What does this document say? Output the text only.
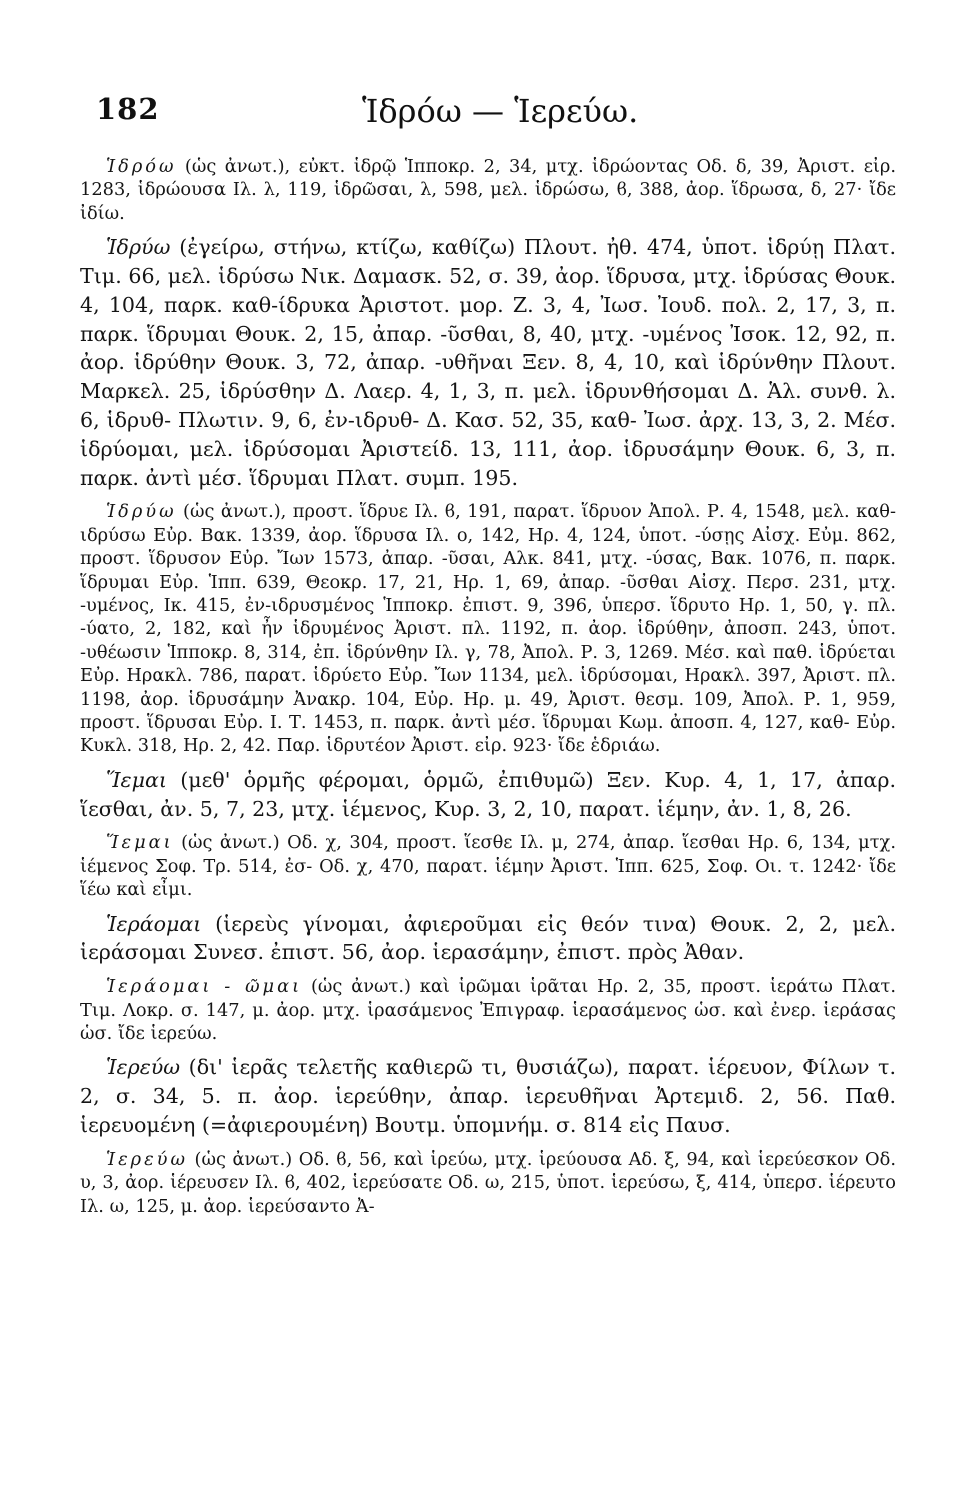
182	Ἱδρόω — Ἱερεύω.

Ἱδρόω (ὡς ἀνωτ.), εὐκτ. ἱδρῷ Ἱπποκρ. 2, 34, μτχ. ἱδρώοντας Οδ. δ, 39, Ἀριστ. εἰρ. 1283, ἱδρώουσα Ιλ. λ, 119, ἱδρῶσαι, λ, 598, μελ. ἱδρώσω, ϐ, 388, ἀορ. ἵδρωσα, δ, 27· ἴδε ἰδίω.

Ἱδρύω (ἐγείρω, στήνω, κτίζω, καθίζω) Πλουτ. ἠθ. 474, ὑποτ. ἱδρύῃ Πλατ. Τιμ. 66, μελ. ἱδρύσω Νικ. Δαμασκ. 52, σ. 39, ἀορ. ἵδρυσα, μτχ. ἱδρύσας Θουκ. 4, 104, παρκ. καθ-ίδρυκα Ἀριστοτ. μορ. Ζ. 3, 4, Ἰωσ. Ἰουδ. πολ. 2, 17, 3, π. παρκ. ἵδρυμαι Θουκ. 2, 15, ἀπαρ. -ῦσθαι, 8, 40, μτχ. -υμένος Ἰσοκ. 12, 92, π. ἀορ. ἱδρύθην Θουκ. 3, 72, ἀπαρ. -υθῆναι Ξεν. 8, 4, 10, καὶ ἱδρύνθην Πλουτ. Μαρκελ. 25, ἱδρύσθην Δ. Λαερ. 4, 1, 3, π. μελ. ἱδρυνθήσομαι Δ. Ἁλ. συνθ. λ. 6, ἱδρυθ- Πλωτιν. 9, 6, ἐν-ιδρυθ- Δ. Κασ. 52, 35, καθ- Ἰωσ. ἀρχ. 13, 3, 2. Μέσ. ἱδρύομαι, μελ. ἱδρύσομαι Ἀριστείδ. 13, 111, ἀορ. ἱδρυσάμην Θουκ. 6, 3, π. παρκ. ἀντὶ μέσ. ἵδρυμαι Πλατ. συμπ. 195.

Ἱδρύω (ὡς ἀνωτ.), προστ. ἵδρυε Ιλ. ϐ, 191, παρατ. ἵδρυον Ἀπολ. Ρ. 4, 1548, μελ. καθ-ιδρύσω Εὐρ. Βακ. 1339, ἀορ. ἵδρυσα Ιλ. ο, 142, Ηρ. 4, 124, ὑποτ. -ύσῃς Αἰσχ. Εὐμ. 862, προστ. ἵδρυσον Εὐρ. Ἴων 1573, ἀπαρ. -ῦσαι, Αλκ. 841, μτχ. -ύσας, Βακ. 1076, π. παρκ. ἵδρυμαι Εὐρ. Ἱππ. 639, Θεοκρ. 17, 21, Ηρ. 1, 69, ἀπαρ. -ῦσθαι Αἰσχ. Περσ. 231, μτχ. -υμένος, Ικ. 415, ἐν-ιδρυσμένος Ἱπποκρ. ἐπιστ. 9, 396, ὑπερσ. ἵδρυτο Ηρ. 1, 50, γ. πλ. -ύατο, 2, 182, καὶ ἦν ἱδρυμένος Ἀριστ. πλ. 1192, π. ἀορ. ἱδρύθην, ἀποσπ. 243, ὑποτ. -υθέωσιν Ἱπποκρ. 8, 314, ἐπ. ἱδρύνθην Ιλ. γ, 78, Ἀπολ. Ρ. 3, 1269. Μέσ. καὶ παθ. ἱδρύεται Εὐρ. Ηρακλ. 786, παρατ. ἱδρύετο Εὐρ. Ἴων 1134, μελ. ἱδρύσομαι, Ηρακλ. 397, Ἀριστ. πλ. 1198, ἀορ. ἱδρυσάμην Ἀνακρ. 104, Εὐρ. Ηρ. μ. 49, Ἀριστ. θεσμ. 109, Ἀπολ. Ρ. 1, 959, προστ. ἵδρυσαι Εὐρ. Ι. Τ. 1453, π. παρκ. ἀντὶ μέσ. ἵδρυμαι Κωμ. ἀποσπ. 4, 127, καθ- Εὐρ. Κυκλ. 318, Ηρ. 2, 42. Παρ. ἱδρυτέον Ἀριστ. εἰρ. 923· ἴδε ἑδριάω.

Ἵεμαι (μεθ' ὁρμῆς φέρομαι, ὁρμῶ, ἐπιθυμῶ) Ξεν. Κυρ. 4, 1, 17, ἀπαρ. ἵεσθαι, ἀν. 5, 7, 23, μτχ. ἱέμενος, Κυρ. 3, 2, 10, παρατ. ἱέμην, ἀν. 1, 8, 26.

Ἵεμαι (ὡς ἀνωτ.) Οδ. χ, 304, προστ. ἵεσθε Ιλ. μ, 274, ἀπαρ. ἵεσθαι Ηρ. 6, 134, μτχ. ἱέμενος Σοφ. Τρ. 514, ἐσ- Οδ. χ, 470, παρατ. ἱέμην Ἀριστ. Ἱππ. 625, Σοφ. Οι. τ. 1242· ἴδε ἵέω καὶ εἶμι.

Ἱεράομαι (ἱερεὺς γίνομαι, ἀφιεροῦμαι εἰς θεόν τινα) Θουκ. 2, 2, μελ. ἱεράσομαι Συνεσ. ἐπιστ. 56, ἀορ. ἱερασάμην, ἐπιστ. πρὸς Ἀθαν.

Ἱεράομαι - ῶμαι (ὡς ἀνωτ.) καὶ ἱρῶμαι ἱρᾶται Ηρ. 2, 35, προστ. ἱεράτω Πλατ. Τιμ. Λοκρ. σ. 147, μ. ἀορ. μτχ. ἱρασάμενος Ἐπιγραφ. ἱερασάμενος ὡσ. καὶ ἐνερ. ἱεράσας ὡσ. ἴδε ἱερεύω.

Ἱερεύω (δι' ἱερᾶς τελετῆς καθιερῶ τι, θυσιάζω), παρατ. ἱέρευον, Φίλων τ. 2, σ. 34, 5. π. ἀορ. ἱερεύθην, ἀπαρ. ἱερευθῆναι Ἀρτεμιδ. 2, 56. Παθ. ἱερευομένη (=ἀφιερουμένη) Βουτμ. ὑπομνήμ. σ. 814 εἰς Παυσ.

Ἱερεύω (ὡς ἀνωτ.) Οδ. ϐ, 56, καὶ ἱρεύω, μτχ. ἱρεύουσα Αδ. ξ, 94, καὶ ἱερεύεσκον Οδ. υ, 3, ἀορ. ἱέρευσεν Ιλ. ϐ, 402, ἱερεύσατε Οδ. ω, 215, ὑποτ. ἱερεύσω, ξ, 414, ὑπερσ. ἱέρευτο Ιλ. ω, 125, μ. ἀορ. ἱερεύσαντο Ἀ-
